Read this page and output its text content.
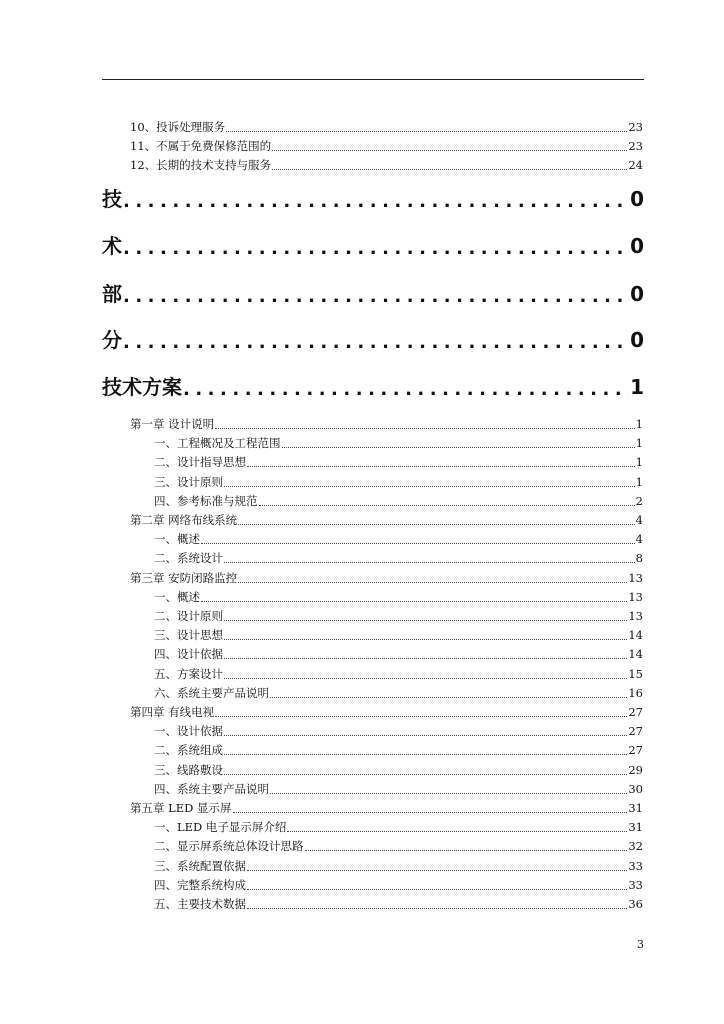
10、投诉处理服务	23
11、不属于免费保修范围的	23
12、长期的技术支持与服务	24
技 .....	0
术 .....	0
部 .....	0
分 .....	0
技术方案 .....	1
第一章 设计说明	1
一、工程概况及工程范围	1
二、设计指导思想	1
三、设计原则	1
四、参考标准与规范	2
第二章 网络布线系统	4
一、概述	4
二、系统设计	8
第三章 安防闭路监控	13
一、概述	13
二、设计原则	13
三、设计思想	14
四、设计依据	14
五、方案设计	15
六、系统主要产品说明	16
第四章 有线电视	27
一、设计依据	27
二、系统组成	27
三、线路敷设	29
四、系统主要产品说明	30
第五章 LED 显示屏	31
一、LED 电子显示屏介绍	31
二、显示屏系统总体设计思路	32
三、系统配置依据	33
四、完整系统构成	33
五、主要技术数据	36
3
